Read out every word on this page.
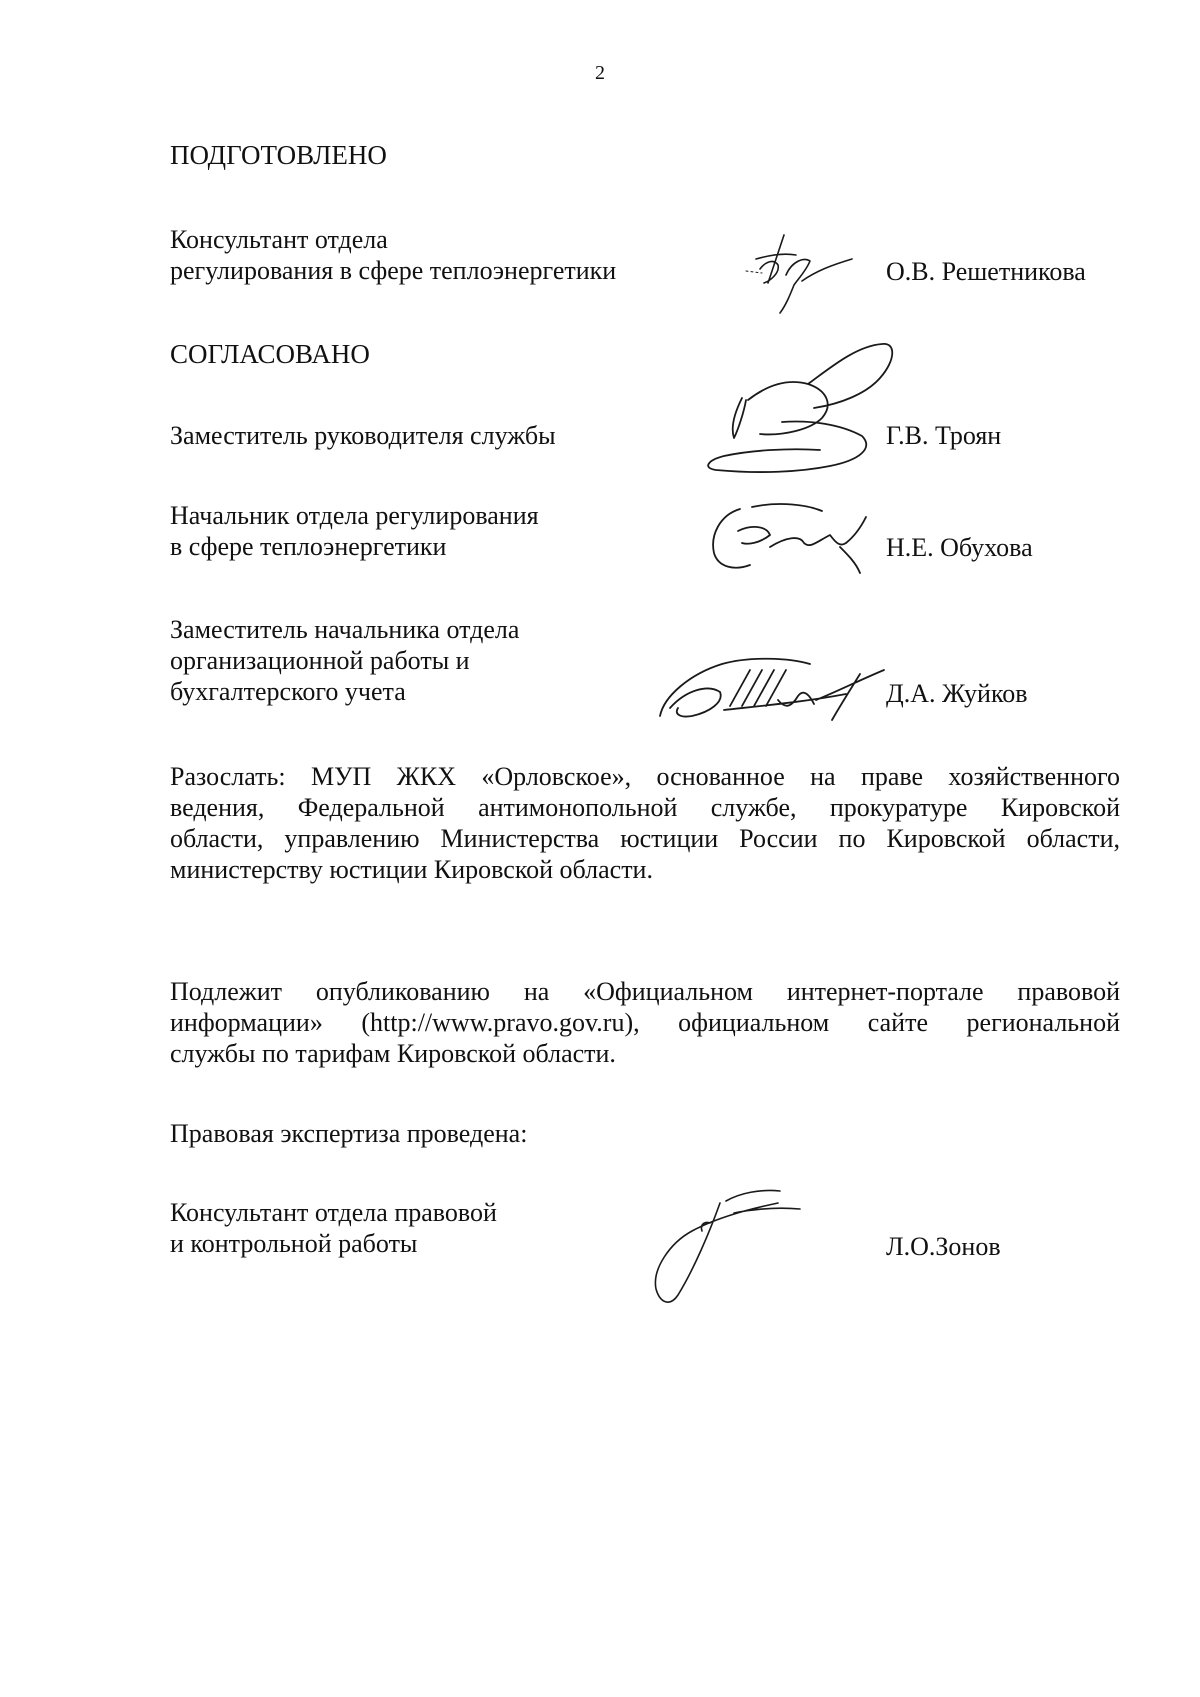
2
ПОДГОТОВЛЕНО
Консультант отдела
регулирования в сфере теплоэнергетики	О.В. Решетникова
СОГЛАСОВАНО
Заместитель руководителя службы	Г.В. Троян
Начальник отдела регулирования
в сфере теплоэнергетики	Н.Е. Обухова
Заместитель начальника отдела
организационной работы и
бухгалтерского учета	Д.А. Жуйков
Разослать: МУП ЖКХ «Орловское», основанное на праве хозяйственного
ведения, Федеральной антимонопольной службе, прокуратуре Кировской
области, управлению Министерства юстиции России по Кировской области,
министерству юстиции Кировской области.
Подлежит опубликованию на «Официальном интернет-портале правовой
информации» (http://www.pravo.gov.ru), официальном сайте региональной
службы по тарифам Кировской области.
Правовая экспертиза проведена:
Консультант отдела правовой
и контрольной работы	Л.О.Зонов
